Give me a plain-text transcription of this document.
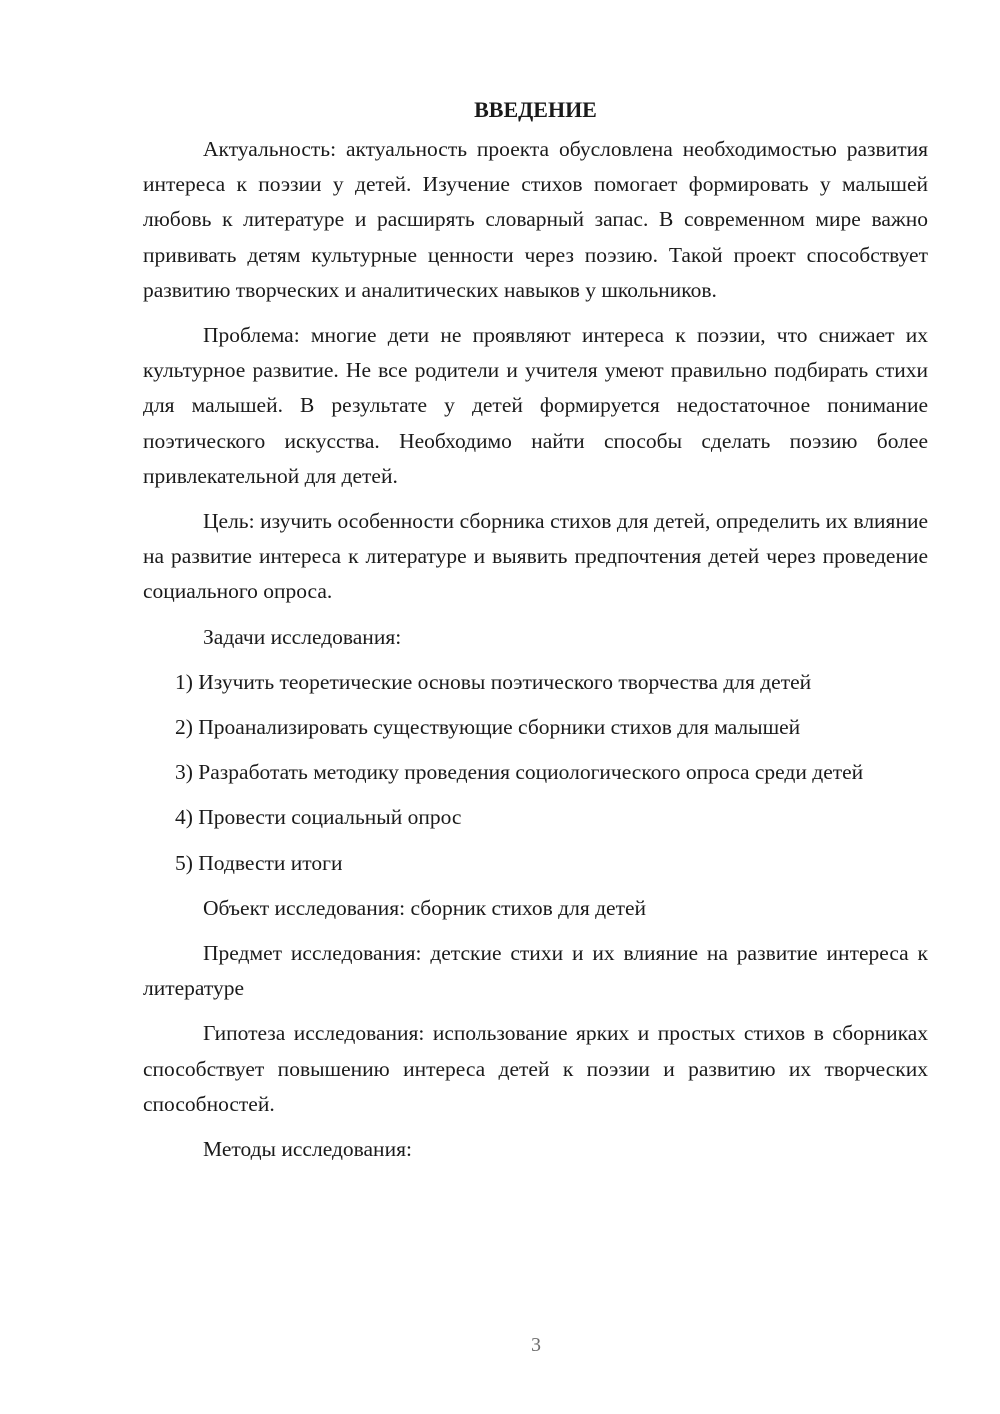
ВВЕДЕНИЕ

Актуальность: актуальность проекта обусловлена необходимостью развития интереса к поэзии у детей. Изучение стихов помогает формировать у малышей любовь к литературе и расширять словарный запас. В современном мире важно прививать детям культурные ценности через поэзию. Такой проект способствует развитию творческих и аналитических навыков у школьников.

Проблема: многие дети не проявляют интереса к поэзии, что снижает их культурное развитие. Не все родители и учителя умеют правильно подбирать стихи для малышей. В результате у детей формируется недостаточное понимание поэтического искусства. Необходимо найти способы сделать поэзию более привлекательной для детей.

Цель: изучить особенности сборника стихов для детей, определить их влияние на развитие интереса к литературе и выявить предпочтения детей через проведение социального опроса.

Задачи исследования:

1) Изучить теоретические основы поэтического творчества для детей

2) Проанализировать существующие сборники стихов для малышей

3) Разработать методику проведения социологического опроса среди детей

4) Провести социальный опрос

5) Подвести итоги

Объект исследования: сборник стихов для детей

Предмет исследования: детские стихи и их влияние на развитие интереса к литературе

Гипотеза исследования: использование ярких и простых стихов в сборниках способствует повышению интереса детей к поэзии и развитию их творческих способностей.

Методы исследования:

3
